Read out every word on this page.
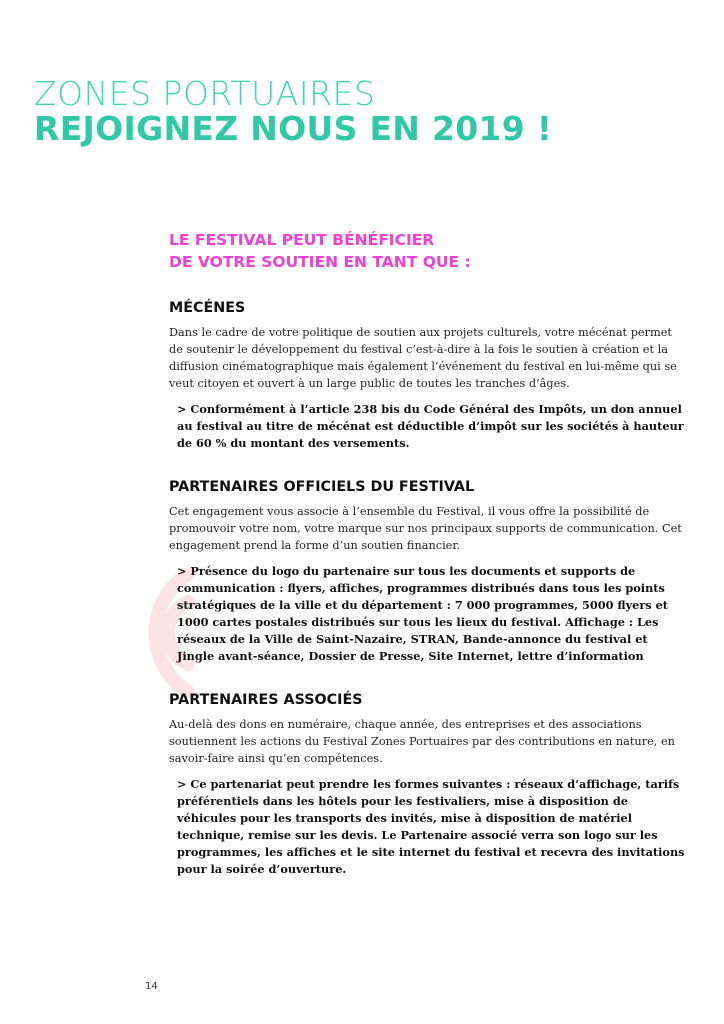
ZONES PORTUAIRES
REJOIGNEZ NOUS EN 2019 !

LE FESTIVAL PEUT BÉNÉFICIER
DE VOTRE SOUTIEN EN TANT QUE :

MÉCÉNES

Dans le cadre de votre politique de soutien aux projets culturels, votre mécénat permet de soutenir le développement du festival c’est-à-dire à la fois le soutien à création et la diffusion cinématographique mais également l’événement du festival en lui-même qui se veut citoyen et ouvert à un large public de toutes les tranches d’âges.

> Conformément à l’article 238 bis du Code Général des Impôts, un don annuel au festival au titre de mécénat est déductible d’impôt sur les sociétés à hauteur de 60 % du montant des versements.

PARTENAIRES OFFICIELS DU FESTIVAL

Cet engagement vous associe à l’ensemble du Festival, il vous offre la possibilité de promouvoir votre nom, votre marque sur nos principaux supports de communication. Cet engagement prend la forme d’un soutien financier.

> Présence du logo du partenaire sur tous les documents et supports de communication : flyers, affiches, programmes distribués dans tous les points stratégiques de la ville et du département : 7 000 programmes, 5000 flyers et 1000 cartes postales distribués sur tous les lieux du festival. Affichage : Les réseaux de la Ville de Saint-Nazaire, STRAN, Bande-annonce du festival et Jingle avant-séance, Dossier de Presse, Site Internet, lettre d’information

PARTENAIRES ASSOCIÉS

Au-delà des dons en numéraire, chaque année, des entreprises et des associations soutiennent les actions du Festival Zones Portuaires par des contributions en nature, en savoir-faire ainsi qu’en compétences.

> Ce partenariat peut prendre les formes suivantes : réseaux d’affichage, tarifs préférentiels dans les hôtels pour les festivaliers, mise à disposition de véhicules pour les transports des invités, mise à disposition de matériel technique, remise sur les devis. Le Partenaire associé verra son logo sur les programmes, les affiches et le site internet du festival et recevra des invitations pour la soirée d’ouverture.

14
